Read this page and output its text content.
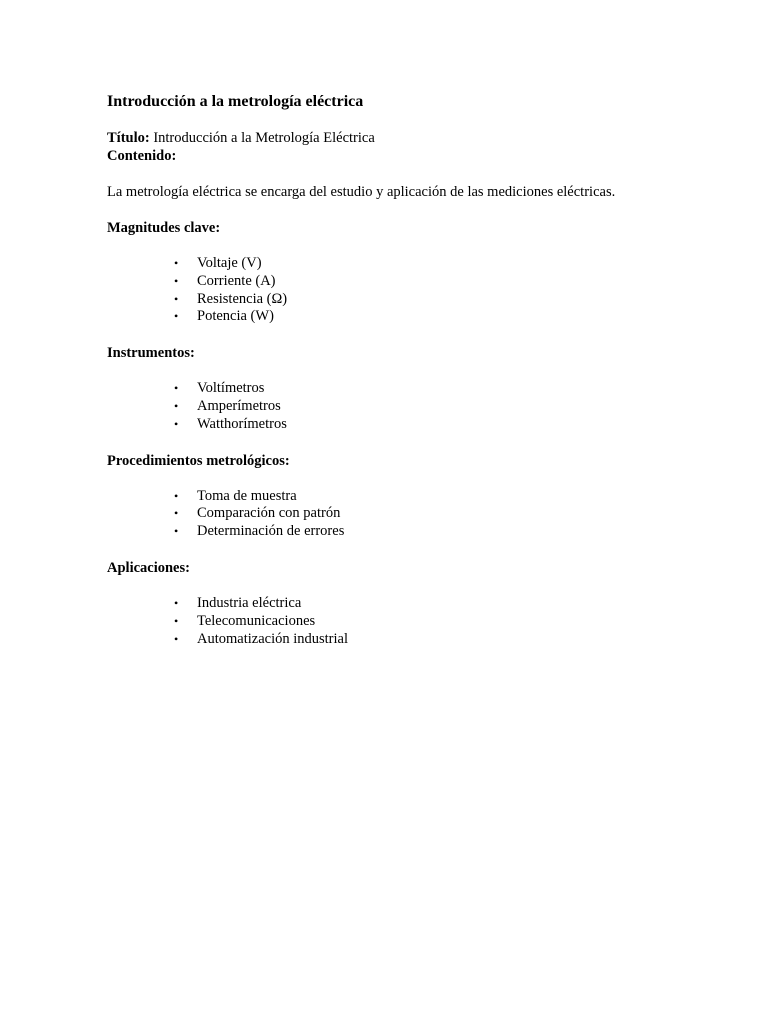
Introducción a la metrología eléctrica

Título: Introducción a la Metrología Eléctrica

Contenido:

La metrología eléctrica se encarga del estudio y aplicación de las mediciones eléctricas.

Magnitudes clave:

• Voltaje (V)
• Corriente (A)
• Resistencia (Ω)
• Potencia (W)

Instrumentos:

• Voltímetros
• Amperímetros
• Watthorímetros

Procedimientos metrológicos:

• Toma de muestra
• Comparación con patrón
• Determinación de errores

Aplicaciones:

• Industria eléctrica
• Telecomunicaciones
• Automatización industrial
